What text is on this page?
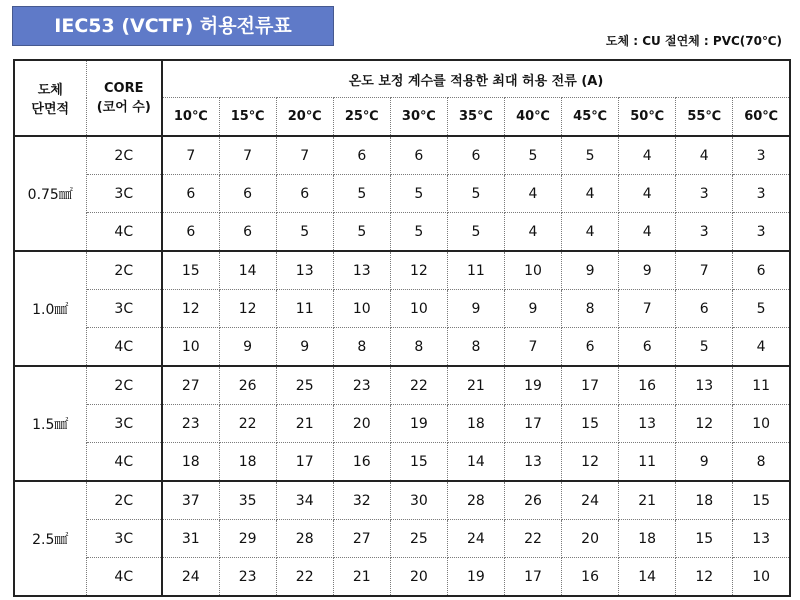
IEC53 (VCTF) 허용전류표
도체 : CU 절연체 : PVC(70℃)
도체
단면적	CORE
(코어 수)	온도 보정 계수를 적용한 최대 허용 전류 (A)										
		10℃	15℃	20℃	25℃	30℃	35℃	40℃	45℃	50℃	55℃	60℃
0.75㎟	2C	7	7	7	6	6	6	5	5	4	4	3
	3C	6	6	6	5	5	5	4	4	4	3	3
	4C	6	6	5	5	5	5	4	4	4	3	3
1.0㎟	2C	15	14	13	13	12	11	10	9	9	7	6
	3C	12	12	11	10	10	9	9	8	7	6	5
	4C	10	9	9	8	8	8	7	6	6	5	4
1.5㎟	2C	27	26	25	23	22	21	19	17	16	13	11
	3C	23	22	21	20	19	18	17	15	13	12	10
	4C	18	18	17	16	15	14	13	12	11	9	8
2.5㎟	2C	37	35	34	32	30	28	26	24	21	18	15
	3C	31	29	28	27	25	24	22	20	18	15	13
	4C	24	23	22	21	20	19	17	16	14	12	10
